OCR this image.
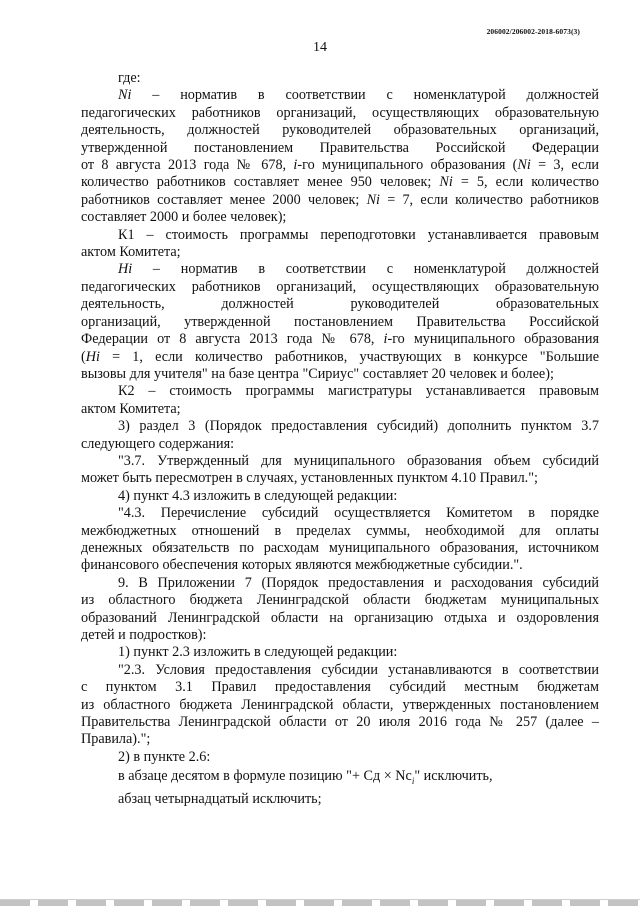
206002/206002-2018-6073(3)
14
где:
Ni – норматив в соответствии с номенклатурой должностей
педагогических работников организаций, осуществляющих образовательную
деятельность, должностей руководителей образовательных организаций,
утвержденной постановлением Правительства Российской Федерации
от 8 августа 2013 года № 678, i-го муниципального образования (Ni = 3, если
количество работников составляет менее 950 человек; Ni = 5, если количество
работников составляет менее 2000 человек; Ni = 7, если количество работников
составляет 2000 и более человек);
К1 – стоимость программы переподготовки устанавливается правовым
актом Комитета;
Hi – норматив в соответствии с номенклатурой должностей
педагогических работников организаций, осуществляющих образовательную
деятельность, должностей руководителей образовательных
организаций, утвержденной постановлением Правительства Российской
Федерации от 8 августа 2013 года № 678, i-го муниципального образования
(Hi = 1, если количество работников, участвующих в конкурсе "Большие
вызовы для учителя" на базе центра "Сириус" составляет 20 человек и более);
К2 – стоимость программы магистратуры устанавливается правовым
актом Комитета;
3) раздел 3 (Порядок предоставления субсидий) дополнить пунктом 3.7
следующего содержания:
"3.7. Утвержденный для муниципального образования объем субсидий
может быть пересмотрен в случаях, установленных пунктом 4.10 Правил.";
4) пункт 4.3 изложить в следующей редакции:
"4.3. Перечисление субсидий осуществляется Комитетом в порядке
межбюджетных отношений в пределах суммы, необходимой для оплаты
денежных обязательств по расходам муниципального образования, источником
финансового обеспечения которых являются межбюджетные субсидии.".
9. В Приложении 7 (Порядок предоставления и расходования субсидий
из областного бюджета Ленинградской области бюджетам муниципальных
образований Ленинградской области на организацию отдыха и оздоровления
детей и подростков):
1) пункт 2.3 изложить в следующей редакции:
"2.3. Условия предоставления субсидии устанавливаются в соответствии
с пунктом 3.1 Правил предоставления субсидий местным бюджетам
из областного бюджета Ленинградской области, утвержденных постановлением
Правительства Ленинградской области от 20 июля 2016 года № 257 (далее –
Правила).";
2) в пункте 2.6:
в абзаце десятом в формуле позицию "+ Сд × $Nc_i$" исключить,
абзац четырнадцатый исключить;
